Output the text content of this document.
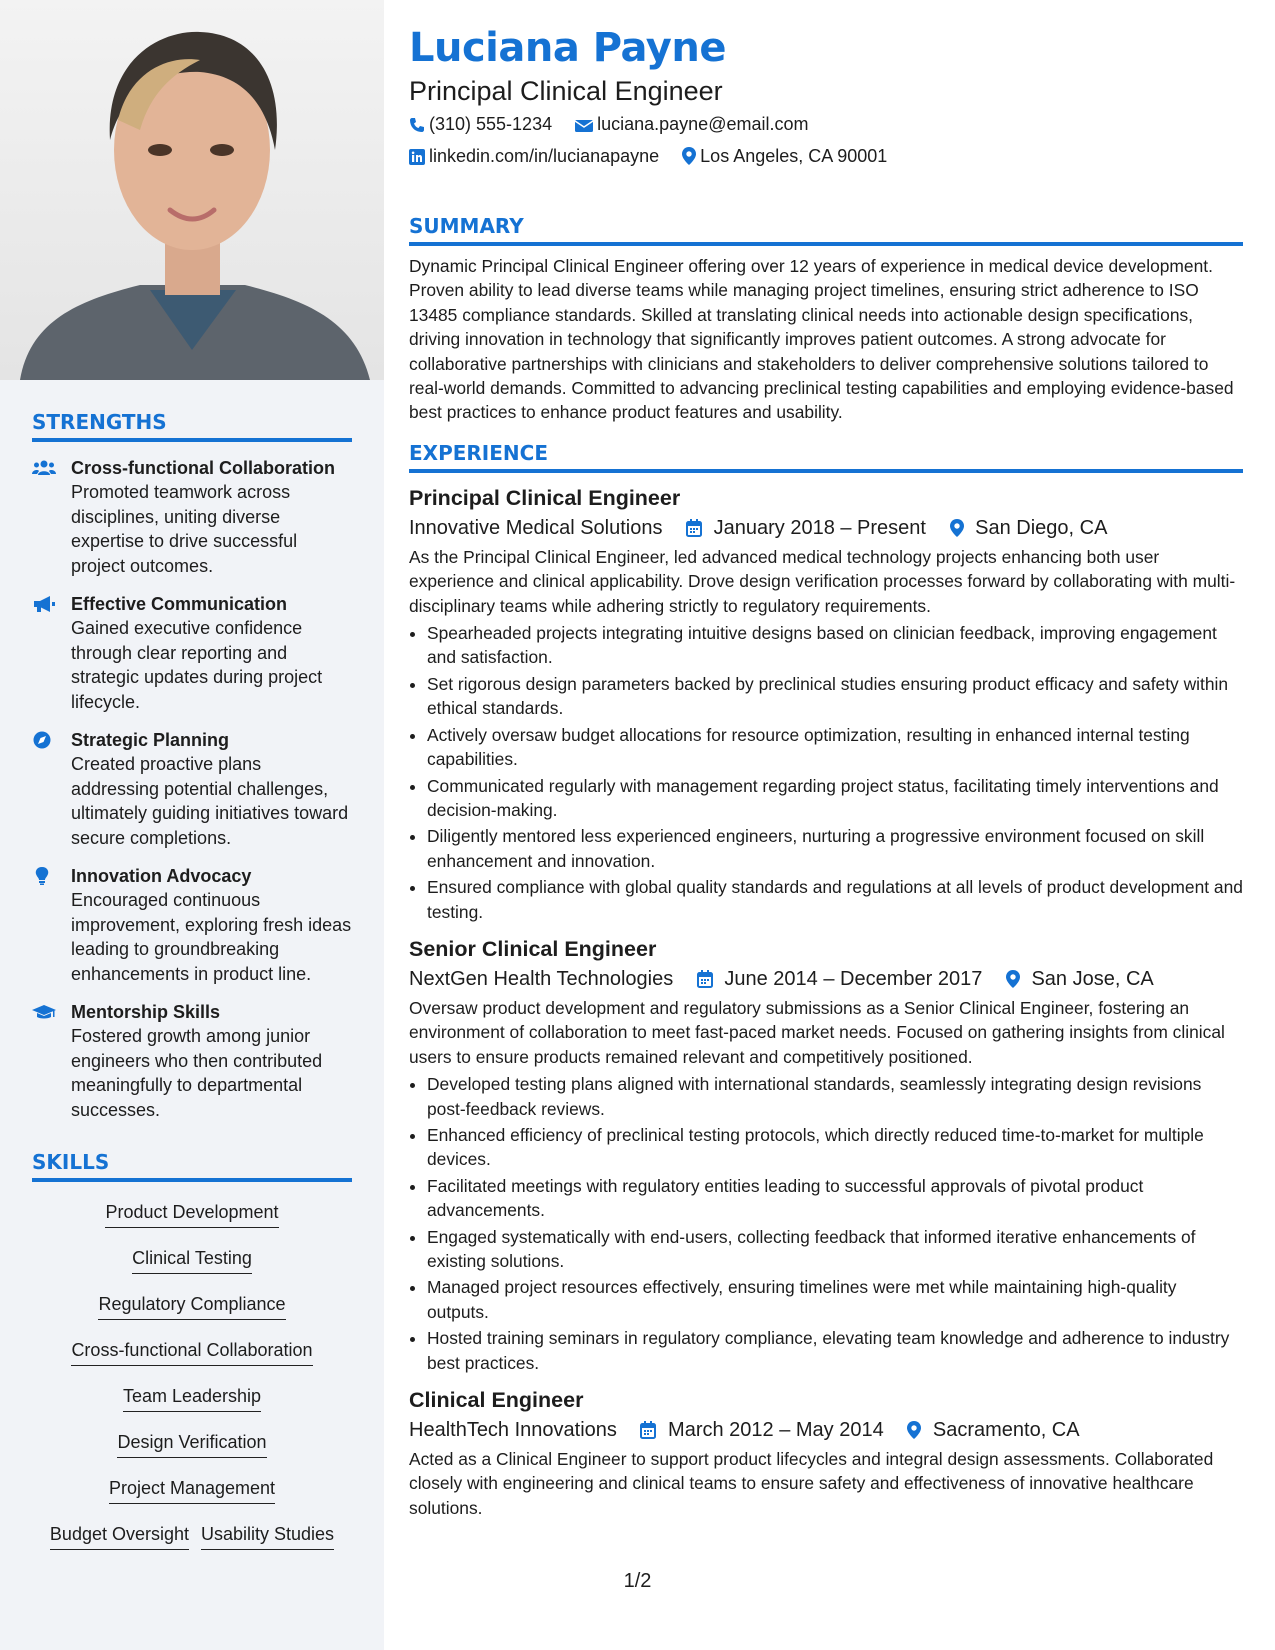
STRENGTHS
Cross-functional Collaboration
Promoted teamwork across disciplines, uniting diverse expertise to drive successful project outcomes.
Effective Communication
Gained executive confidence through clear reporting and strategic updates during project lifecycle.
Strategic Planning
Created proactive plans addressing potential challenges, ultimately guiding initiatives toward secure completions.
Innovation Advocacy
Encouraged continuous improvement, exploring fresh ideas leading to groundbreaking enhancements in product line.
Mentorship Skills
Fostered growth among junior engineers who then contributed meaningfully to departmental successes.
SKILLS
Product Development
Clinical Testing
Regulatory Compliance
Cross-functional Collaboration
Team Leadership
Design Verification
Project Management
Budget Oversight Usability Studies
Luciana Payne
Principal Clinical Engineer
(310) 555-1234	luciana.payne@email.com
linkedin.com/in/lucianapayne Los Angeles, CA 90001
SUMMARY
Dynamic Principal Clinical Engineer offering over 12 years of experience in medical device development. Proven ability to lead diverse teams while managing project timelines, ensuring strict adherence to ISO 13485 compliance standards. Skilled at translating clinical needs into actionable design specifications, driving innovation in technology that significantly improves patient outcomes. A strong advocate for collaborative partnerships with clinicians and stakeholders to deliver comprehensive solutions tailored to real-world demands. Committed to advancing preclinical testing capabilities and employing evidence-based best practices to enhance product features and usability.
EXPERIENCE
Principal Clinical Engineer
Innovative Medical Solutions	January 2018 – Present San Diego, CA
As the Principal Clinical Engineer, led advanced medical technology projects enhancing both user experience and clinical applicability. Drove design verification processes forward by collaborating with multi-disciplinary teams while adhering strictly to regulatory requirements.
• Spearheaded projects integrating intuitive designs based on clinician feedback, improving engagement and satisfaction.
• Set rigorous design parameters backed by preclinical studies ensuring product efficacy and safety within ethical standards.
• Actively oversaw budget allocations for resource optimization, resulting in enhanced internal testing capabilities.
• Communicated regularly with management regarding project status, facilitating timely interventions and decision-making.
• Diligently mentored less experienced engineers, nurturing a progressive environment focused on skill enhancement and innovation.
• Ensured compliance with global quality standards and regulations at all levels of product development and testing.
Senior Clinical Engineer
NextGen Health Technologies	June 2014 – December 2017 San Jose, CA
Oversaw product development and regulatory submissions as a Senior Clinical Engineer, fostering an environment of collaboration to meet fast-paced market needs. Focused on gathering insights from clinical users to ensure products remained relevant and competitively positioned.
• Developed testing plans aligned with international standards, seamlessly integrating design revisions post-feedback reviews.
• Enhanced efficiency of preclinical testing protocols, which directly reduced time-to-market for multiple devices.
• Facilitated meetings with regulatory entities leading to successful approvals of pivotal product advancements.
• Engaged systematically with end-users, collecting feedback that informed iterative enhancements of existing solutions.
• Managed project resources effectively, ensuring timelines were met while maintaining high-quality outputs.
• Hosted training seminars in regulatory compliance, elevating team knowledge and adherence to industry best practices.
Clinical Engineer
HealthTech Innovations	March 2012 – May 2014 Sacramento, CA
Acted as a Clinical Engineer to support product lifecycles and integral design assessments. Collaborated closely with engineering and clinical teams to ensure safety and effectiveness of innovative healthcare solutions.
1/2
